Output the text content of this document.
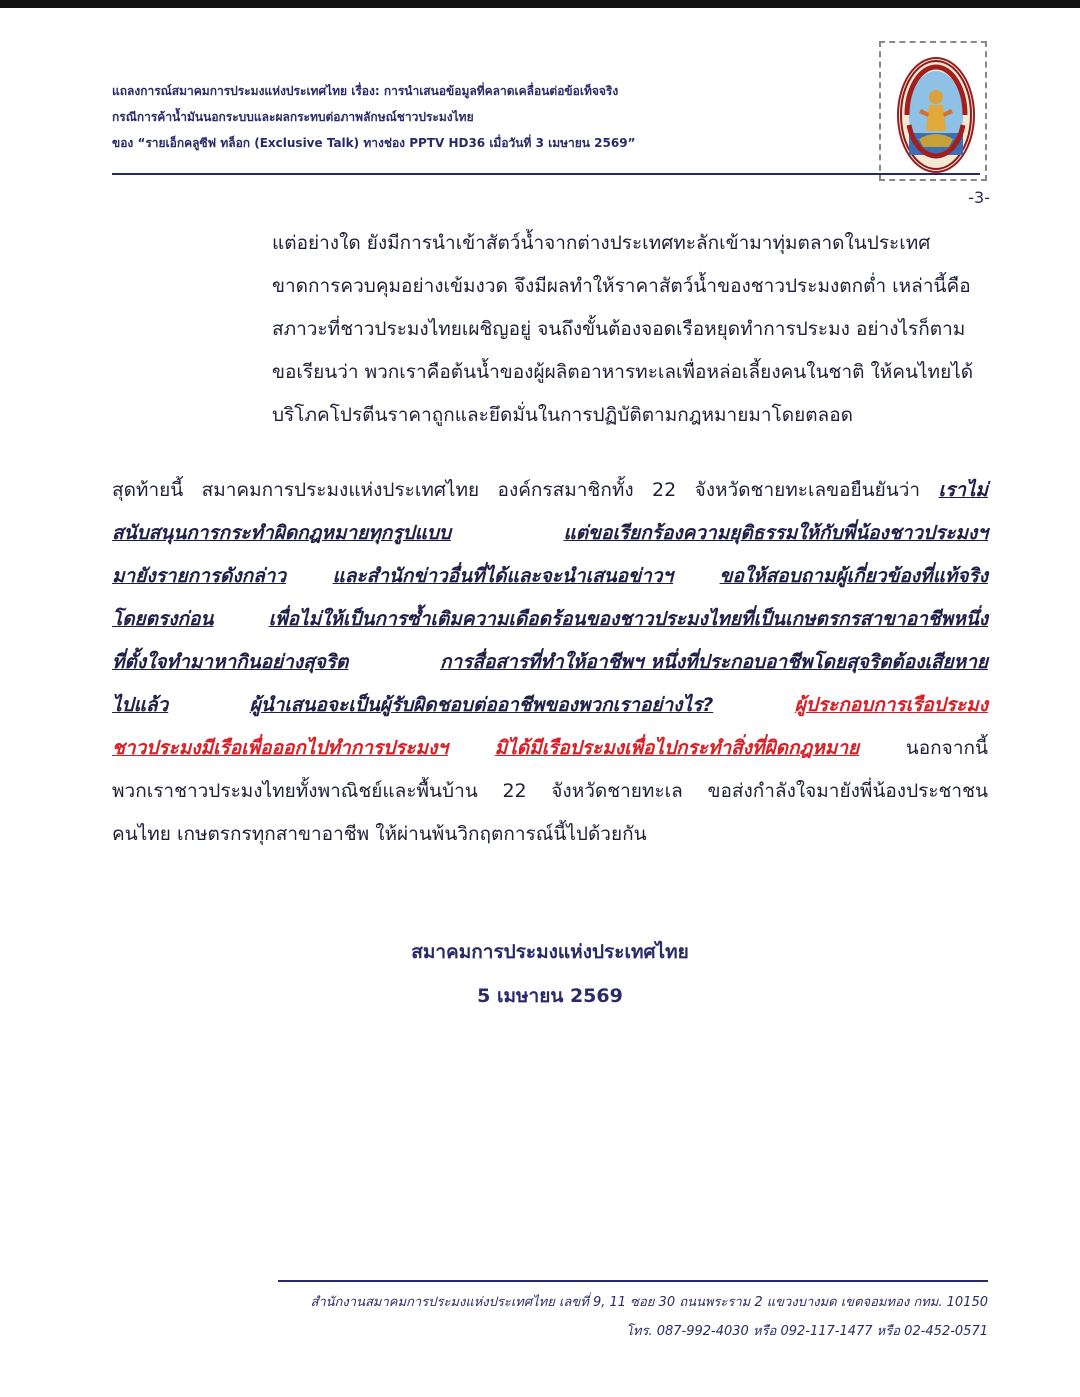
แถลงการณ์สมาคมการประมงแห่งประเทศไทย เรื่อง: การนำเสนอข้อมูลที่คลาดเคลื่อนต่อข้อเท็จจริง
กรณีการค้าน้ำมันนอกระบบและผลกระทบต่อภาพลักษณ์ชาวประมงไทย
ของ “รายเอ็กคลูซีฟ ทล็อก (Exclusive Talk) ทางช่อง PPTV HD36 เมื่อวันที่ 3 เมษายน 2569”
-3-
แต่อย่างใด ยังมีการนำเข้าสัตว์น้ำจากต่างประเทศทะลักเข้ามาทุ่มตลาดในประเทศ
ขาดการควบคุมอย่างเข้มงวด จึงมีผลทำให้ราคาสัตว์น้ำของชาวประมงตกต่ำ เหล่านี้คือ
สภาวะที่ชาวประมงไทยเผชิญอยู่ จนถึงขั้นต้องจอดเรือหยุดทำการประมง อย่างไรก็ตาม
ขอเรียนว่า พวกเราคือต้นน้ำของผู้ผลิตอาหารทะเลเพื่อหล่อเลี้ยงคนในชาติ ให้คนไทยได้
บริโภคโปรตีนราคาถูกและยึดมั่นในการปฏิบัติตามกฎหมายมาโดยตลอด
สุดท้ายนี้ สมาคมการประมงแห่งประเทศไทย องค์กรสมาชิกทั้ง 22 จังหวัดชายทะเลขอยืนยันว่า เราไม่
สนับสนุนการกระทำผิดกฎหมายทุกรูปแบบ	แต่ขอเรียกร้องความยุติธรรมให้กับพี่น้องชาวประมงฯ
มายังรายการดังกล่าว และสำนักข่าวอื่นที่ได้และจะนำเสนอข่าวฯ ขอให้สอบถามผู้เกี่ยวข้องที่แท้จริง
โดยตรงก่อน	เพื่อไม่ให้เป็นการซ้ำเติมความเดือดร้อนของชาวประมงไทยที่เป็นเกษตรกรสาขาอาชีพหนึ่ง
ที่ตั้งใจทำมาหากินอย่างสุจริต	การสื่อสารที่ทำให้อาชีพฯ หนึ่งที่ประกอบอาชีพโดยสุจริตต้องเสียหาย
ไปแล้ว	ผู้นำเสนอจะเป็นผู้รับผิดชอบต่ออาชีพของพวกเราอย่างไร?	ผู้ประกอบการเรือประมง
ชาวประมงมีเรือเพื่อออกไปทำการประมงฯ มิได้มีเรือประมงเพื่อไปกระทำสิ่งที่ผิดกฎหมาย นอกจากนี้
พวกเราชาวประมงไทยทั้งพาณิชย์และพื้นบ้าน 22 จังหวัดชายทะเล ขอส่งกำลังใจมายังพี่น้องประชาชน
คนไทย เกษตรกรทุกสาขาอาชีพ ให้ผ่านพ้นวิกฤตการณ์นี้ไปด้วยกัน
สมาคมการประมงแห่งประเทศไทย
5 เมษายน 2569
สำนักงานสมาคมการประมงแห่งประเทศไทย เลขที่ 9, 11 ซอย 30 ถนนพระราม 2 แขวงบางมด เขตจอมทอง กทม. 10150
โทร. 087-992-4030 หรือ 092-117-1477 หรือ 02-452-0571
